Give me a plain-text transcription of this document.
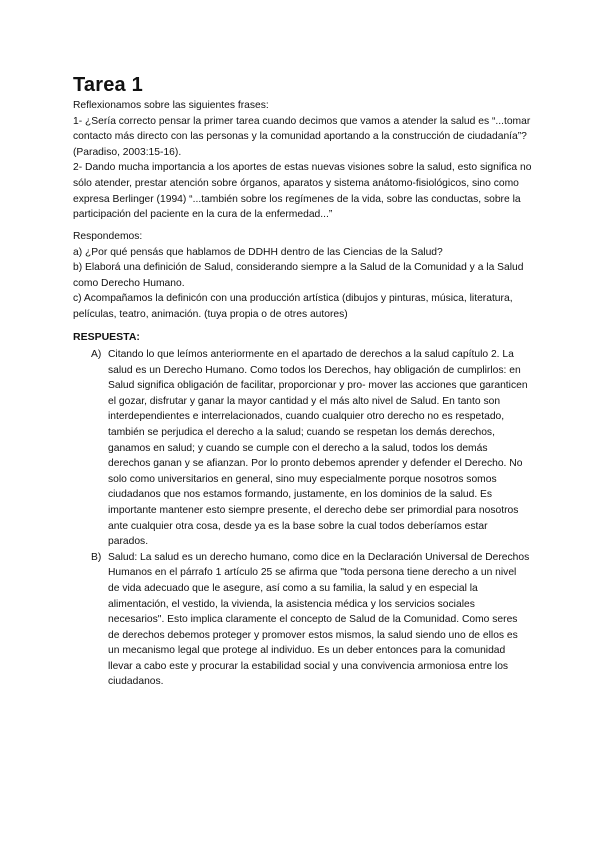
Tarea 1

Reflexionamos sobre las siguientes frases:

1- ¿Sería correcto pensar la primer tarea cuando decimos que vamos a atender la salud es “...tomar contacto más directo con las personas y la comunidad aportando a la construcción de ciudadanía”? (Paradiso, 2003:15-16).

2- Dando mucha importancia a los aportes de estas nuevas visiones sobre la salud, esto significa no sólo atender, prestar atención sobre órganos, aparatos y sistema anátomo-fisiológicos, sino como expresa Berlinger (1994) “...también sobre los regímenes de la vida, sobre las conductas, sobre la participación del paciente en la cura de la enfermedad...”

Respondemos:

a) ¿Por qué pensás que hablamos de DDHH dentro de las Ciencias de la Salud?

b) Elaborá una definición de Salud, considerando siempre a la Salud de la Comunidad y a la Salud como Derecho Humano.

c) Acompañamos la definicón con una producción artística (dibujos y pinturas, música, literatura, películas, teatro, animación. (tuya propia o de otres autores)

RESPUESTA:

A) Citando lo que leímos anteriormente en el apartado de derechos a la salud capítulo 2. La salud es un Derecho Humano. Como todos los Derechos, hay obligación de cumplirlos: en Salud significa obligación de facilitar, proporcionar y pro- mover las acciones que garanticen el gozar, disfrutar y ganar la mayor cantidad y el más alto nivel de Salud. En tanto son interdependientes e interrelacionados, cuando cualquier otro derecho no es respetado, también se perjudica el derecho a la salud; cuando se respetan los demás derechos, ganamos en salud; y cuando se cumple con el derecho a la salud, todos los demás derechos ganan y se afianzan. Por lo pronto debemos aprender y defender el Derecho. No solo como universitarios en general, sino muy especialmente porque nosotros somos ciudadanos que nos estamos formando, justamente, en los dominios de la salud. Es importante mantener esto siempre presente, el derecho debe ser primordial para nosotros ante cualquier otra cosa, desde ya es la base sobre la cual todos deberíamos estar parados.
B) Salud: La salud es un derecho humano, como dice en la Declaración Universal de Derechos Humanos en el párrafo 1 artículo 25 se afirma que "toda persona tiene derecho a un nivel de vida adecuado que le asegure, así como a su familia, la salud y en especial la alimentación, el vestido, la vivienda, la asistencia médica y los servicios sociales necesarios". Esto implica claramente el concepto de Salud de la Comunidad. Como seres de derechos debemos proteger y promover estos mismos, la salud siendo uno de ellos es un mecanismo legal que protege al individuo. Es un deber entonces para la comunidad llevar a cabo este y procurar la estabilidad social y una convivencia armoniosa entre los ciudadanos.
